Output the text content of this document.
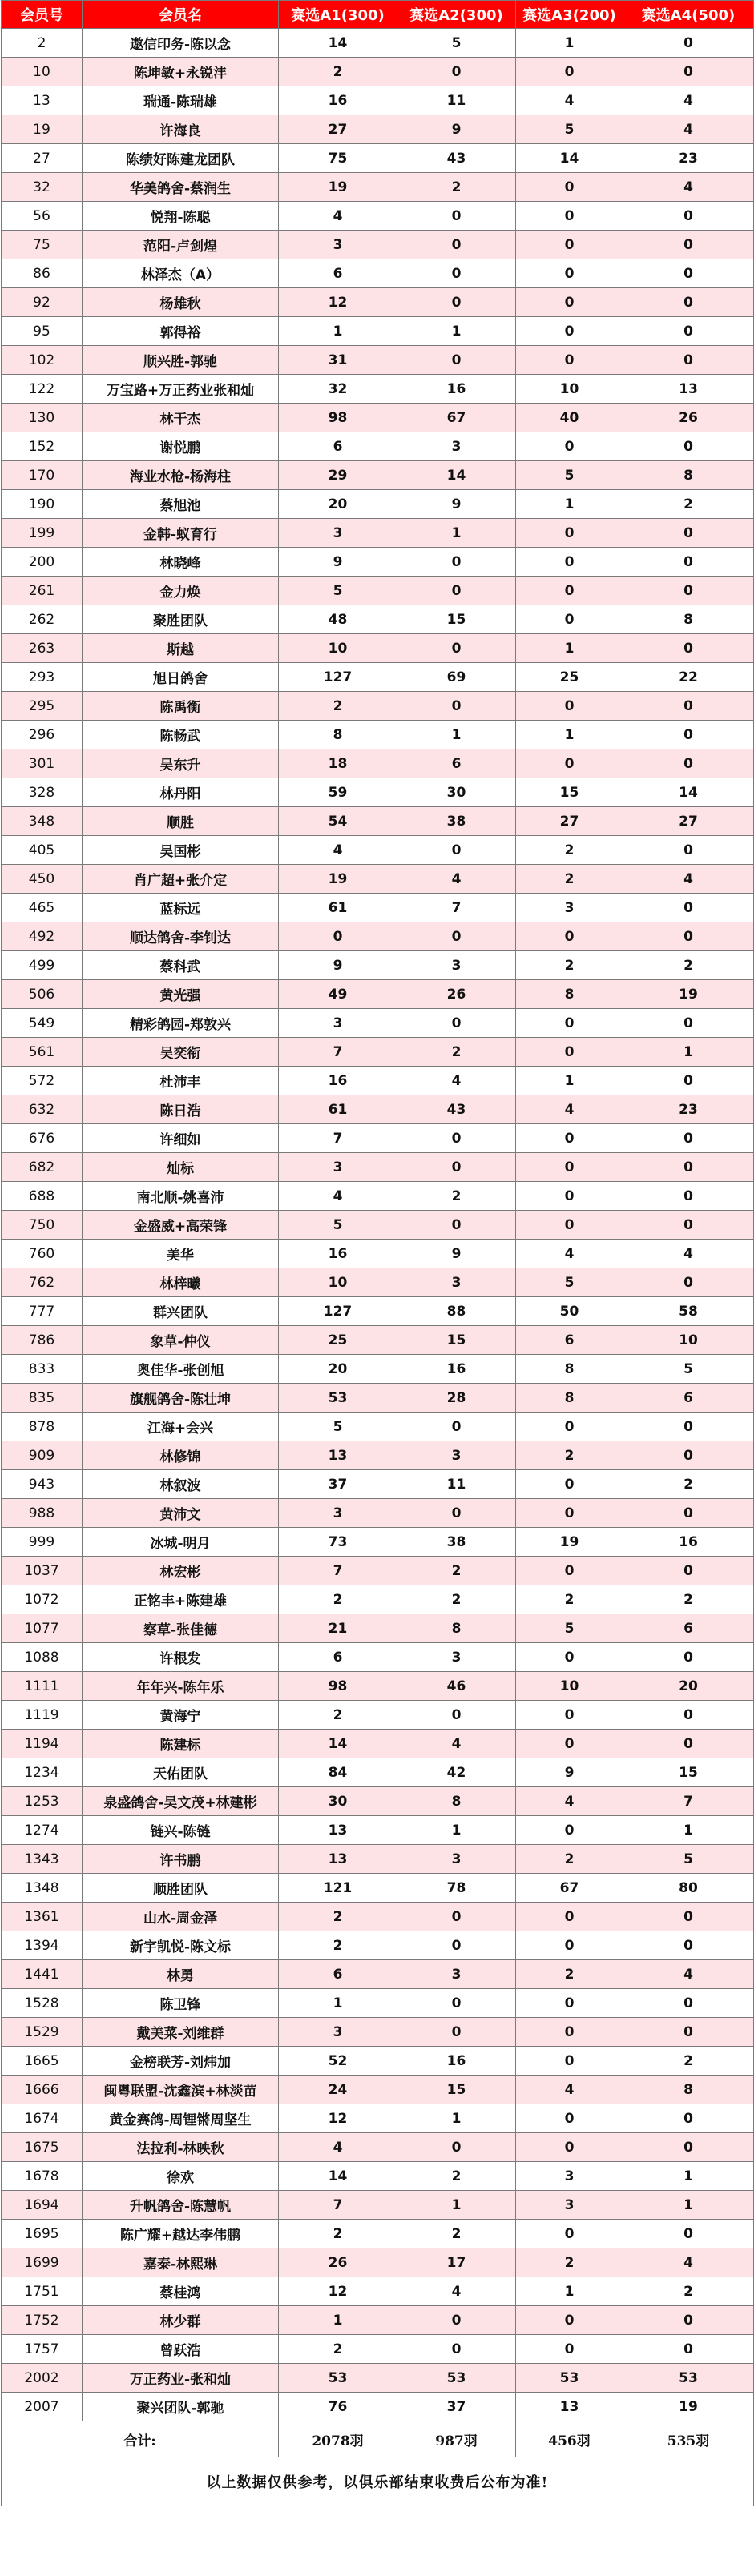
会员号	会员名	赛选A1(300)	赛选A2(300)	赛选A3(200)	赛选A4(500)
2	遨信印务-陈以念	14	5	1	0
10	陈坤敏+永锐沣	2	0	0	0
13	瑞通-陈瑞雄	16	11	4	4
19	许海良	27	9	5	4
27	陈绩好陈建龙团队	75	43	14	23
32	华美鸽舍-蔡润生	19	2	0	4
56	悦翔-陈聪	4	0	0	0
75	范阳-卢剑煌	3	0	0	0
86	林泽杰（A）	6	0	0	0
92	杨雄秋	12	0	0	0
95	郭得裕	1	1	0	0
102	顺兴胜-郭驰	31	0	0	0
122	万宝路+万正药业张和灿	32	16	10	13
130	林干杰	98	67	40	26
152	谢悦鹏	6	3	0	0
170	海业水枪-杨海柱	29	14	5	8
190	蔡旭池	20	9	1	2
199	金韩-蚁育行	3	1	0	0
200	林晓峰	9	0	0	0
261	金力焕	5	0	0	0
262	聚胜团队	48	15	0	8
263	斯越	10	0	1	0
293	旭日鸽舍	127	69	25	22
295	陈禹衡	2	0	0	0
296	陈畅武	8	1	1	0
301	吴东升	18	6	0	0
328	林丹阳	59	30	15	14
348	顺胜	54	38	27	27
405	吴国彬	4	0	2	0
450	肖广超+张介定	19	4	2	4
465	蓝标远	61	7	3	0
492	顺达鸽舍-李钊达	0	0	0	0
499	蔡科武	9	3	2	2
506	黄光强	49	26	8	19
549	精彩鸽园-郑敦兴	3	0	0	0
561	吴奕衔	7	2	0	1
572	杜沛丰	16	4	1	0
632	陈日浩	61	43	4	23
676	许细如	7	0	0	0
682	灿标	3	0	0	0
688	南北顺-姚喜沛	4	2	0	0
750	金盛威+高荣锋	5	0	0	0
760	美华	16	9	4	4
762	林梓曦	10	3	5	0
777	群兴团队	127	88	50	58
786	象草-仲仪	25	15	6	10
833	奥佳华-张创旭	20	16	8	5
835	旗舰鸽舍-陈壮坤	53	28	8	6
878	江海+会兴	5	0	0	0
909	林修锦	13	3	2	0
943	林叙波	37	11	0	2
988	黄沛文	3	0	0	0
999	冰城-明月	73	38	19	16
1037	林宏彬	7	2	0	0
1072	正铭丰+陈建雄	2	2	2	2
1077	察草-张佳德	21	8	5	6
1088	许根发	6	3	0	0
1111	年年兴-陈年乐	98	46	10	20
1119	黄海宁	2	0	0	0
1194	陈建标	14	4	0	0
1234	天佑团队	84	42	9	15
1253	泉盛鸽舍-吴文茂+林建彬	30	8	4	7
1274	链兴-陈链	13	1	0	1
1343	许书鹏	13	3	2	5
1348	顺胜团队	121	78	67	80
1361	山水-周金泽	2	0	0	0
1394	新宇凯悦-陈文标	2	0	0	0
1441	林勇	6	3	2	4
1528	陈卫锋	1	0	0	0
1529	戴美菜-刘维群	3	0	0	0
1665	金榜联芳-刘炜加	52	16	0	2
1666	闽粤联盟-沈鑫滨+林淡苗	24	15	4	8
1674	黄金赛鸽-周锂锵周坚生	12	1	0	0
1675	法拉利-林映秋	4	0	0	0
1678	徐欢	14	2	3	1
1694	升帆鸽舍-陈慧帆	7	1	3	1
1695	陈广耀+越达李伟鹏	2	2	0	0
1699	嘉泰-林熙琳	26	17	2	4
1751	蔡桂鸿	12	4	1	2
1752	林少群	1	0	0	0
1757	曾跃浩	2	0	0	0
2002	万正药业-张和灿	53	53	53	53
2007	聚兴团队-郭驰	76	37	13	19
合计:		2078羽	987羽	456羽	535羽
以上数据仅供参考，以俱乐部结束收费后公布为准!					
